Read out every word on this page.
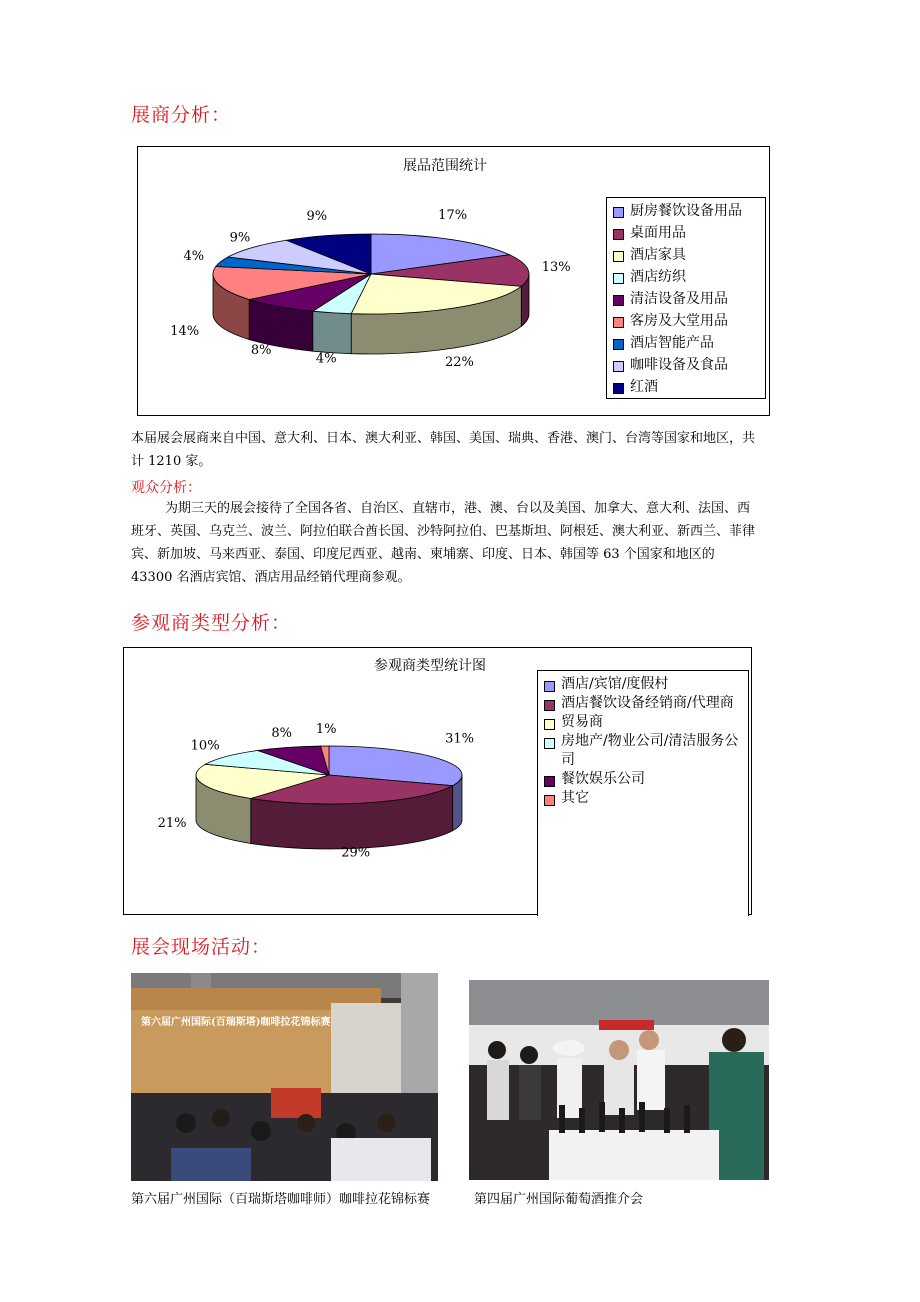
展商分析：
展品范围统计
17%
13%
22%
4%
8%
14%
4%
9%
9%	厨房餐饮设备用品
桌面用品
酒店家具
酒店纺织
清洁设备及用品
客房及大堂用品
酒店智能产品
咖啡设备及食品
红酒
本届展会展商来自中国、意大利、日本、澳大利亚、韩国、美国、瑞典、香港、澳门、台湾等国家和地区，共计 1210 家。
观众分析：
为期三天的展会接待了全国各省、自治区、直辖市，港、澳、台以及美国、加拿大、意大利、法国、西班牙、英国、乌克兰、波兰、阿拉伯联合酋长国、沙特阿拉伯、巴基斯坦、阿根廷、澳大利亚、新西兰、菲律宾、新加坡、马来西亚、泰国、印度尼西亚、越南、柬埔寨、印度、日本、韩国等 63 个国家和地区的 43300 名酒店宾馆、酒店用品经销代理商参观。
参观商类型分析：
参观商类型统计图
31%
29%
21%
10%
8% 1%
酒店/宾馆/度假村
酒店餐饮设备经销商/代理商
贸易商
房地产/物业公司/清洁服务公司
餐饮娱乐公司
其它
展会现场活动：
第六届广州国际(百瑞斯塔)咖啡拉花锦标赛
第六届广州国际（百瑞斯塔咖啡师）咖啡拉花锦标赛	第四届广州国际葡萄酒推介会
